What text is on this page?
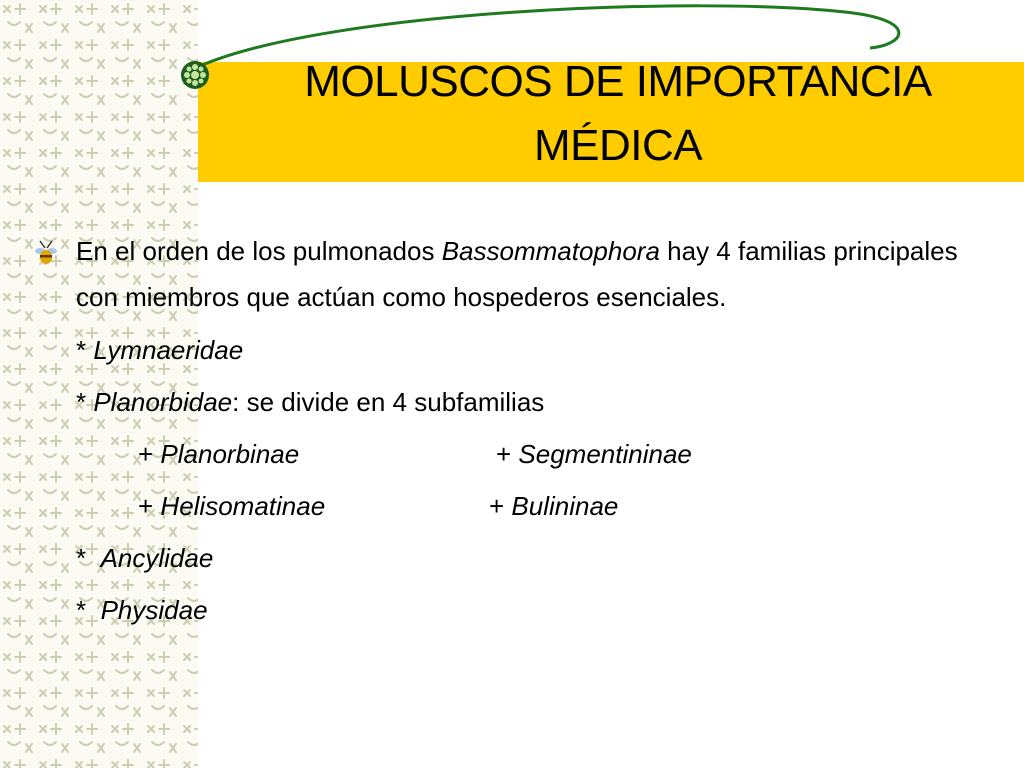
MOLUSCOS DE IMPORTANCIA
MÉDICA
En el orden de los pulmonados Bassommatophora hay 4 familias principales con miembros que actúan como hospederos esenciales.
* Lymnaeridae
* Planorbidae: se divide en 4 subfamilias
+ Planorbinae	+ Segmentininae
+ Helisomatinae	+ Bulininae
*  Ancylidae
*  Physidae
